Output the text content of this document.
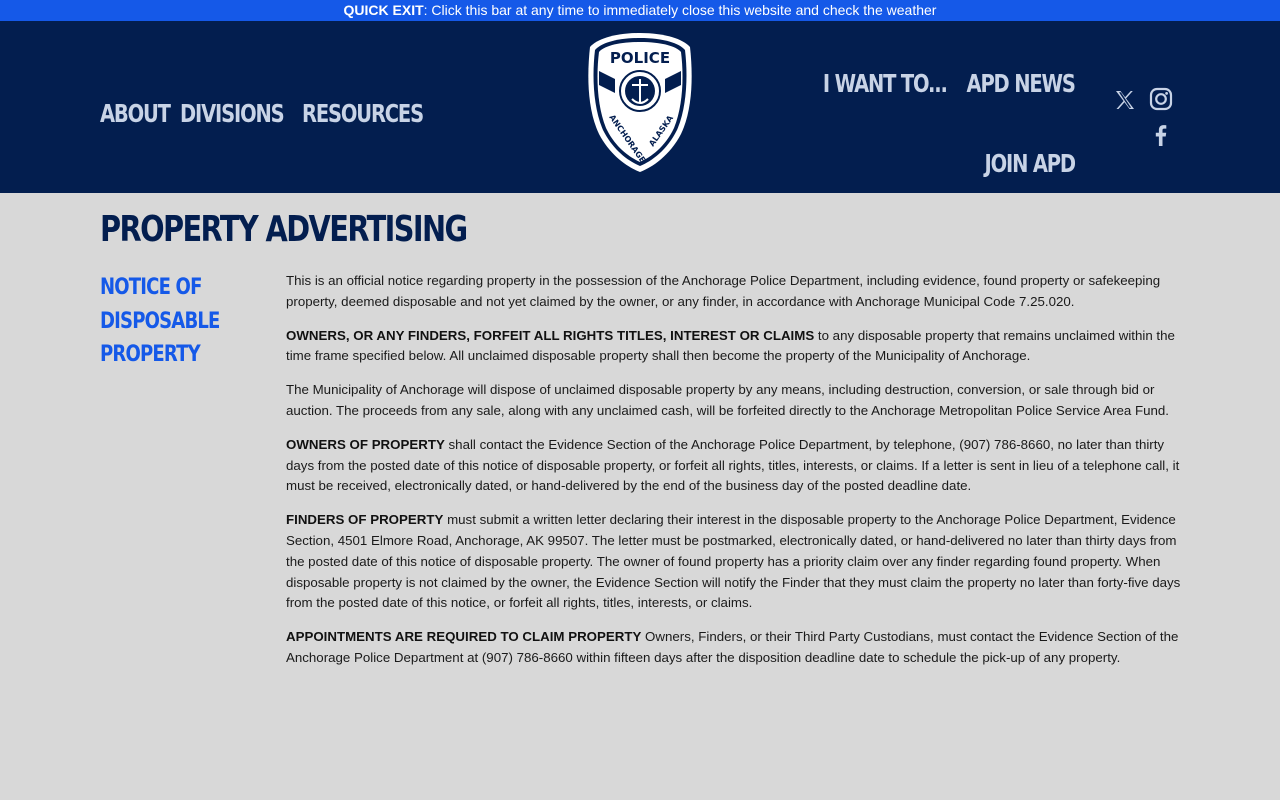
QUICK EXIT: Click this bar at any time to immediately close this website and check the weather
ABOUT DIVISIONS RESOURCES
POLICE
ANCHORAGE ALASKA
I WANT TO... APD NEWS
JOIN APD
PROPERTY ADVERTISING
NOTICE OF
DISPOSABLE
PROPERTY

This is an official notice regarding property in the possession of the Anchorage Police Department, including evidence, found property or safekeeping property, deemed disposable and not yet claimed by the owner, or any finder, in accordance with Anchorage Municipal Code 7.25.020.

OWNERS, OR ANY FINDERS, FORFEIT ALL RIGHTS TITLES, INTEREST OR CLAIMS to any disposable property that remains unclaimed within the time frame specified below. All unclaimed disposable property shall then become the property of the Municipality of Anchorage.

The Municipality of Anchorage will dispose of unclaimed disposable property by any means, including destruction, conversion, or sale through bid or auction. The proceeds from any sale, along with any unclaimed cash, will be forfeited directly to the Anchorage Metropolitan Police Service Area Fund.

OWNERS OF PROPERTY shall contact the Evidence Section of the Anchorage Police Department, by telephone, (907) 786-8660, no later than thirty days from the posted date of this notice of disposable property, or forfeit all rights, titles, interests, or claims. If a letter is sent in lieu of a telephone call, it must be received, electronically dated, or hand-delivered by the end of the business day of the posted deadline date.

FINDERS OF PROPERTY must submit a written letter declaring their interest in the disposable property to the Anchorage Police Department, Evidence Section, 4501 Elmore Road, Anchorage, AK 99507. The letter must be postmarked, electronically dated, or hand-delivered no later than thirty days from the posted date of this notice of disposable property. The owner of found property has a priority claim over any finder regarding found property. When disposable property is not claimed by the owner, the Evidence Section will notify the Finder that they must claim the property no later than forty-five days from the posted date of this notice, or forfeit all rights, titles, interests, or claims.

APPOINTMENTS ARE REQUIRED TO CLAIM PROPERTY Owners, Finders, or their Third Party Custodians, must contact the Evidence Section of the Anchorage Police Department at (907) 786-8660 within fifteen days after the disposition deadline date to schedule the pick-up of any property.
